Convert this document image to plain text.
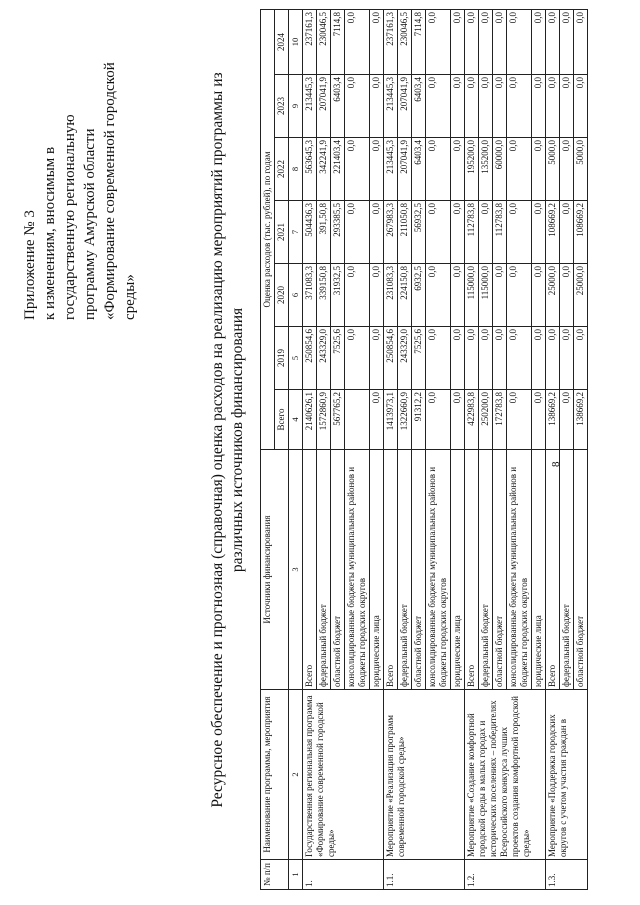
8
Приложение № 3 к изменениям, вносимым в государственную региональную программу Амурской области «Формирование современной городской среды»	Ресурсное обеспечение и прогнозная (справочная) оценка расходов на реализацию мероприятий программы из различных источников финансирования
№ п/п	Наименование программы, мероприятия	Источники финансирования	Оценка расходов (тыс. рублей), по годам						
			Всего	2019	2020	2021	2022	2023	2024
1	2	3	4	5	6	7	8	9	10
1.	Государственная региональная программа «Формирование современной городской среды»	Всего	2140626,1	250854,6	371083,3	504436,3	563645,3	213445,3	237161,3
		федеральный бюджет	1572860,9	243329,0	339150,8	391,50,8	342241,9	207041,9	230046,5
		областной бюджет	567765,2	7525,6	31932,5	293385,5	221403,4	6403,4	7114,8
		консолидированные бюджеты муниципальных районов и бюджеты городских округов		0,0	0,0	0,0	0,0	0,0	0,0
		юридические лица	0,0	0,0	0,0	0,0	0,0	0,0	0,0
1.1.	Мероприятие «Реализация программ современной городской среды»	Всего	1413973,1	250854,6	231083,3	267983,3	213445,3	213445,3	237161,3
		федеральный бюджет	1322660,9	243329,0	224150,8	211050,8	207041,9	207041,9	230046,5
		областной бюджет	91312,2	7525,6	6932,5	56932,5	6403,4	6403,4	7114,8
		консолидированные бюджеты муниципальных районов и бюджеты городских округов	0,0	0,0	0,0	0,0	0,0	0,0	0,0
		юридические лица	0,0	0,0	0,0	0,0	0,0	0,0	0,0
1.2.	Мероприятие «Создание комфортной городской среды в малых городах и исторических поселениях – победителях Всероссийского конкурса лучших проектов создания комфортной городской среды»	Всего	422983,8	0,0	115000,0	112783,8	195200,0	0,0	0,0
		федеральный бюджет	250200,0	0,0	115000,0	0,0	135200,0	0,0	0,0
		областной бюджет	172783,8	0,0	0,0	112783,8	60000,0	0,0	0,0
		консолидированные бюджеты муниципальных районов и бюджеты городских округов	0,0	0,0	0,0	0,0	0,0	0,0	0,0
		юридические лица	0,0	0,0	0,0	0,0	0,0	0,0	0,0
1.3.	Мероприятие «Поддержка городских округов с учетом участия граждан в	Всего	138669,2	0,0	25000,0	108669,2	5000,0	0,0	0,0
		федеральный бюджет	0,0	0,0	0,0	0,0	0,0	0,0	0,0
		областной бюджет	138669,2	0,0	25000,0	108669,2	5000,0	0,0	0,0
